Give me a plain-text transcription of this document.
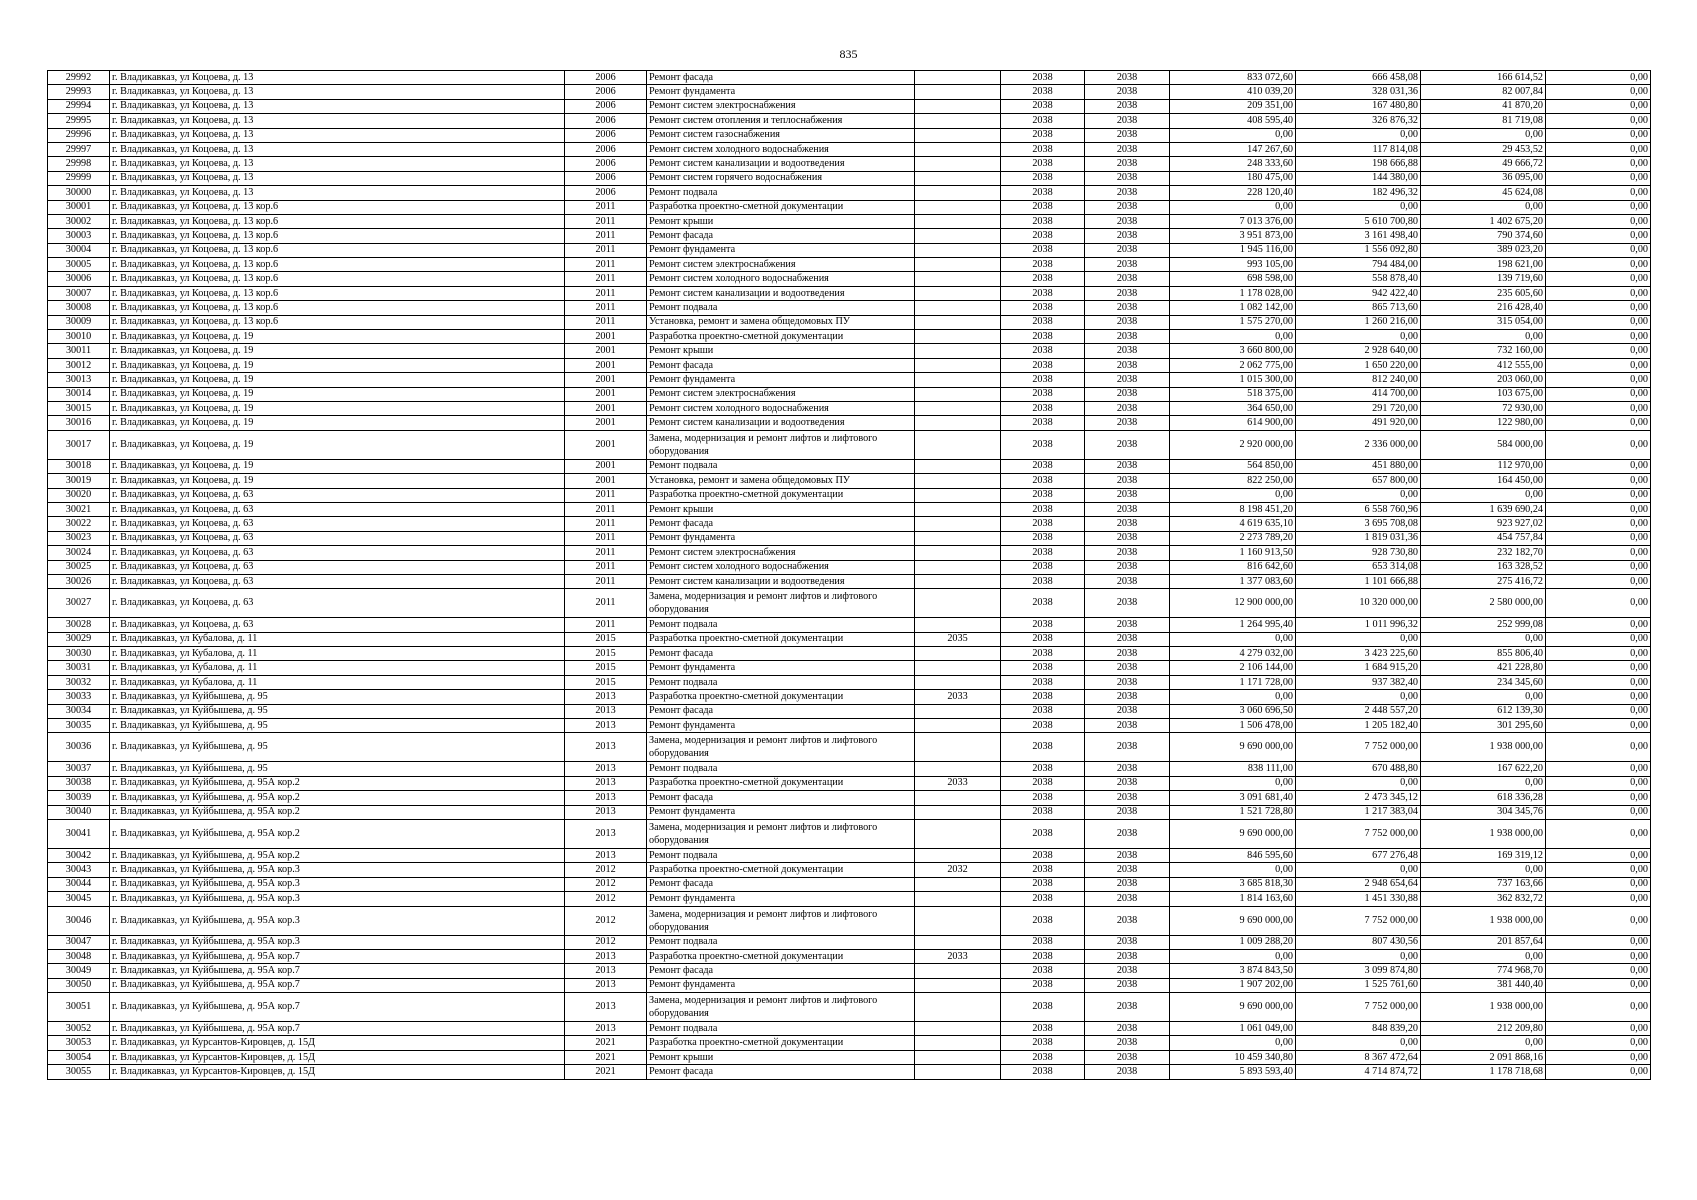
835
29992	г. Владикавказ, ул Коцоева, д. 13	2006	Ремонт фасада		2038	2038	833 072,60	666 458,08	166 614,52	0,00
29993	г. Владикавказ, ул Коцоева, д. 13	2006	Ремонт фундамента		2038	2038	410 039,20	328 031,36	82 007,84	0,00
29994	г. Владикавказ, ул Коцоева, д. 13	2006	Ремонт систем электроснабжения		2038	2038	209 351,00	167 480,80	41 870,20	0,00
29995	г. Владикавказ, ул Коцоева, д. 13	2006	Ремонт систем отопления и теплоснабжения		2038	2038	408 595,40	326 876,32	81 719,08	0,00
29996	г. Владикавказ, ул Коцоева, д. 13	2006	Ремонт систем газоснабжения		2038	2038	0,00	0,00	0,00	0,00
29997	г. Владикавказ, ул Коцоева, д. 13	2006	Ремонт систем холодного водоснабжения		2038	2038	147 267,60	117 814,08	29 453,52	0,00
29998	г. Владикавказ, ул Коцоева, д. 13	2006	Ремонт систем канализации и водоотведения		2038	2038	248 333,60	198 666,88	49 666,72	0,00
29999	г. Владикавказ, ул Коцоева, д. 13	2006	Ремонт систем горячего водоснабжения		2038	2038	180 475,00	144 380,00	36 095,00	0,00
30000	г. Владикавказ, ул Коцоева, д. 13	2006	Ремонт подвала		2038	2038	228 120,40	182 496,32	45 624,08	0,00
30001	г. Владикавказ, ул Коцоева, д. 13 кор.6	2011	Разработка проектно-сметной документации		2038	2038	0,00	0,00	0,00	0,00
30002	г. Владикавказ, ул Коцоева, д. 13 кор.6	2011	Ремонт крыши		2038	2038	7 013 376,00	5 610 700,80	1 402 675,20	0,00
30003	г. Владикавказ, ул Коцоева, д. 13 кор.6	2011	Ремонт фасада		2038	2038	3 951 873,00	3 161 498,40	790 374,60	0,00
30004	г. Владикавказ, ул Коцоева, д. 13 кор.6	2011	Ремонт фундамента		2038	2038	1 945 116,00	1 556 092,80	389 023,20	0,00
30005	г. Владикавказ, ул Коцоева, д. 13 кор.6	2011	Ремонт систем электроснабжения		2038	2038	993 105,00	794 484,00	198 621,00	0,00
30006	г. Владикавказ, ул Коцоева, д. 13 кор.6	2011	Ремонт систем холодного водоснабжения		2038	2038	698 598,00	558 878,40	139 719,60	0,00
30007	г. Владикавказ, ул Коцоева, д. 13 кор.6	2011	Ремонт систем канализации и водоотведения		2038	2038	1 178 028,00	942 422,40	235 605,60	0,00
30008	г. Владикавказ, ул Коцоева, д. 13 кор.6	2011	Ремонт подвала		2038	2038	1 082 142,00	865 713,60	216 428,40	0,00
30009	г. Владикавказ, ул Коцоева, д. 13 кор.6	2011	Установка, ремонт и замена общедомовых ПУ		2038	2038	1 575 270,00	1 260 216,00	315 054,00	0,00
30010	г. Владикавказ, ул Коцоева, д. 19	2001	Разработка проектно-сметной документации		2038	2038	0,00	0,00	0,00	0,00
30011	г. Владикавказ, ул Коцоева, д. 19	2001	Ремонт крыши		2038	2038	3 660 800,00	2 928 640,00	732 160,00	0,00
30012	г. Владикавказ, ул Коцоева, д. 19	2001	Ремонт фасада		2038	2038	2 062 775,00	1 650 220,00	412 555,00	0,00
30013	г. Владикавказ, ул Коцоева, д. 19	2001	Ремонт фундамента		2038	2038	1 015 300,00	812 240,00	203 060,00	0,00
30014	г. Владикавказ, ул Коцоева, д. 19	2001	Ремонт систем электроснабжения		2038	2038	518 375,00	414 700,00	103 675,00	0,00
30015	г. Владикавказ, ул Коцоева, д. 19	2001	Ремонт систем холодного водоснабжения		2038	2038	364 650,00	291 720,00	72 930,00	0,00
30016	г. Владикавказ, ул Коцоева, д. 19	2001	Ремонт систем канализации и водоотведения		2038	2038	614 900,00	491 920,00	122 980,00	0,00
30017	г. Владикавказ, ул Коцоева, д. 19	2001	Замена, модернизация и ремонт лифтов и лифтового оборудования		2038	2038	2 920 000,00	2 336 000,00	584 000,00	0,00
30018	г. Владикавказ, ул Коцоева, д. 19	2001	Ремонт подвала		2038	2038	564 850,00	451 880,00	112 970,00	0,00
30019	г. Владикавказ, ул Коцоева, д. 19	2001	Установка, ремонт и замена общедомовых ПУ		2038	2038	822 250,00	657 800,00	164 450,00	0,00
30020	г. Владикавказ, ул Коцоева, д. 63	2011	Разработка проектно-сметной документации		2038	2038	0,00	0,00	0,00	0,00
30021	г. Владикавказ, ул Коцоева, д. 63	2011	Ремонт крыши		2038	2038	8 198 451,20	6 558 760,96	1 639 690,24	0,00
30022	г. Владикавказ, ул Коцоева, д. 63	2011	Ремонт фасада		2038	2038	4 619 635,10	3 695 708,08	923 927,02	0,00
30023	г. Владикавказ, ул Коцоева, д. 63	2011	Ремонт фундамента		2038	2038	2 273 789,20	1 819 031,36	454 757,84	0,00
30024	г. Владикавказ, ул Коцоева, д. 63	2011	Ремонт систем электроснабжения		2038	2038	1 160 913,50	928 730,80	232 182,70	0,00
30025	г. Владикавказ, ул Коцоева, д. 63	2011	Ремонт систем холодного водоснабжения		2038	2038	816 642,60	653 314,08	163 328,52	0,00
30026	г. Владикавказ, ул Коцоева, д. 63	2011	Ремонт систем канализации и водоотведения		2038	2038	1 377 083,60	1 101 666,88	275 416,72	0,00
30027	г. Владикавказ, ул Коцоева, д. 63	2011	Замена, модернизация и ремонт лифтов и лифтового оборудования		2038	2038	12 900 000,00	10 320 000,00	2 580 000,00	0,00
30028	г. Владикавказ, ул Коцоева, д. 63	2011	Ремонт подвала		2038	2038	1 264 995,40	1 011 996,32	252 999,08	0,00
30029	г. Владикавказ, ул Кубалова, д. 11	2015	Разработка проектно-сметной документации	2035	2038	2038	0,00	0,00	0,00	0,00
30030	г. Владикавказ, ул Кубалова, д. 11	2015	Ремонт фасада		2038	2038	4 279 032,00	3 423 225,60	855 806,40	0,00
30031	г. Владикавказ, ул Кубалова, д. 11	2015	Ремонт фундамента		2038	2038	2 106 144,00	1 684 915,20	421 228,80	0,00
30032	г. Владикавказ, ул Кубалова, д. 11	2015	Ремонт подвала		2038	2038	1 171 728,00	937 382,40	234 345,60	0,00
30033	г. Владикавказ, ул Куйбышева, д. 95	2013	Разработка проектно-сметной документации	2033	2038	2038	0,00	0,00	0,00	0,00
30034	г. Владикавказ, ул Куйбышева, д. 95	2013	Ремонт фасада		2038	2038	3 060 696,50	2 448 557,20	612 139,30	0,00
30035	г. Владикавказ, ул Куйбышева, д. 95	2013	Ремонт фундамента		2038	2038	1 506 478,00	1 205 182,40	301 295,60	0,00
30036	г. Владикавказ, ул Куйбышева, д. 95	2013	Замена, модернизация и ремонт лифтов и лифтового оборудования		2038	2038	9 690 000,00	7 752 000,00	1 938 000,00	0,00
30037	г. Владикавказ, ул Куйбышева, д. 95	2013	Ремонт подвала		2038	2038	838 111,00	670 488,80	167 622,20	0,00
30038	г. Владикавказ, ул Куйбышева, д. 95А кор.2	2013	Разработка проектно-сметной документации	2033	2038	2038	0,00	0,00	0,00	0,00
30039	г. Владикавказ, ул Куйбышева, д. 95А кор.2	2013	Ремонт фасада		2038	2038	3 091 681,40	2 473 345,12	618 336,28	0,00
30040	г. Владикавказ, ул Куйбышева, д. 95А кор.2	2013	Ремонт фундамента		2038	2038	1 521 728,80	1 217 383,04	304 345,76	0,00
30041	г. Владикавказ, ул Куйбышева, д. 95А кор.2	2013	Замена, модернизация и ремонт лифтов и лифтового оборудования		2038	2038	9 690 000,00	7 752 000,00	1 938 000,00	0,00
30042	г. Владикавказ, ул Куйбышева, д. 95А кор.2	2013	Ремонт подвала		2038	2038	846 595,60	677 276,48	169 319,12	0,00
30043	г. Владикавказ, ул Куйбышева, д. 95А кор.3	2012	Разработка проектно-сметной документации	2032	2038	2038	0,00	0,00	0,00	0,00
30044	г. Владикавказ, ул Куйбышева, д. 95А кор.3	2012	Ремонт фасада		2038	2038	3 685 818,30	2 948 654,64	737 163,66	0,00
30045	г. Владикавказ, ул Куйбышева, д. 95А кор.3	2012	Ремонт фундамента		2038	2038	1 814 163,60	1 451 330,88	362 832,72	0,00
30046	г. Владикавказ, ул Куйбышева, д. 95А кор.3	2012	Замена, модернизация и ремонт лифтов и лифтового оборудования		2038	2038	9 690 000,00	7 752 000,00	1 938 000,00	0,00
30047	г. Владикавказ, ул Куйбышева, д. 95А кор.3	2012	Ремонт подвала		2038	2038	1 009 288,20	807 430,56	201 857,64	0,00
30048	г. Владикавказ, ул Куйбышева, д. 95А кор.7	2013	Разработка проектно-сметной документации	2033	2038	2038	0,00	0,00	0,00	0,00
30049	г. Владикавказ, ул Куйбышева, д. 95А кор.7	2013	Ремонт фасада		2038	2038	3 874 843,50	3 099 874,80	774 968,70	0,00
30050	г. Владикавказ, ул Куйбышева, д. 95А кор.7	2013	Ремонт фундамента		2038	2038	1 907 202,00	1 525 761,60	381 440,40	0,00
30051	г. Владикавказ, ул Куйбышева, д. 95А кор.7	2013	Замена, модернизация и ремонт лифтов и лифтового оборудования		2038	2038	9 690 000,00	7 752 000,00	1 938 000,00	0,00
30052	г. Владикавказ, ул Куйбышева, д. 95А кор.7	2013	Ремонт подвала		2038	2038	1 061 049,00	848 839,20	212 209,80	0,00
30053	г. Владикавказ, ул Курсантов-Кировцев, д. 15Д	2021	Разработка проектно-сметной документации		2038	2038	0,00	0,00	0,00	0,00
30054	г. Владикавказ, ул Курсантов-Кировцев, д. 15Д	2021	Ремонт крыши		2038	2038	10 459 340,80	8 367 472,64	2 091 868,16	0,00
30055	г. Владикавказ, ул Курсантов-Кировцев, д. 15Д	2021	Ремонт фасада		2038	2038	5 893 593,40	4 714 874,72	1 178 718,68	0,00
